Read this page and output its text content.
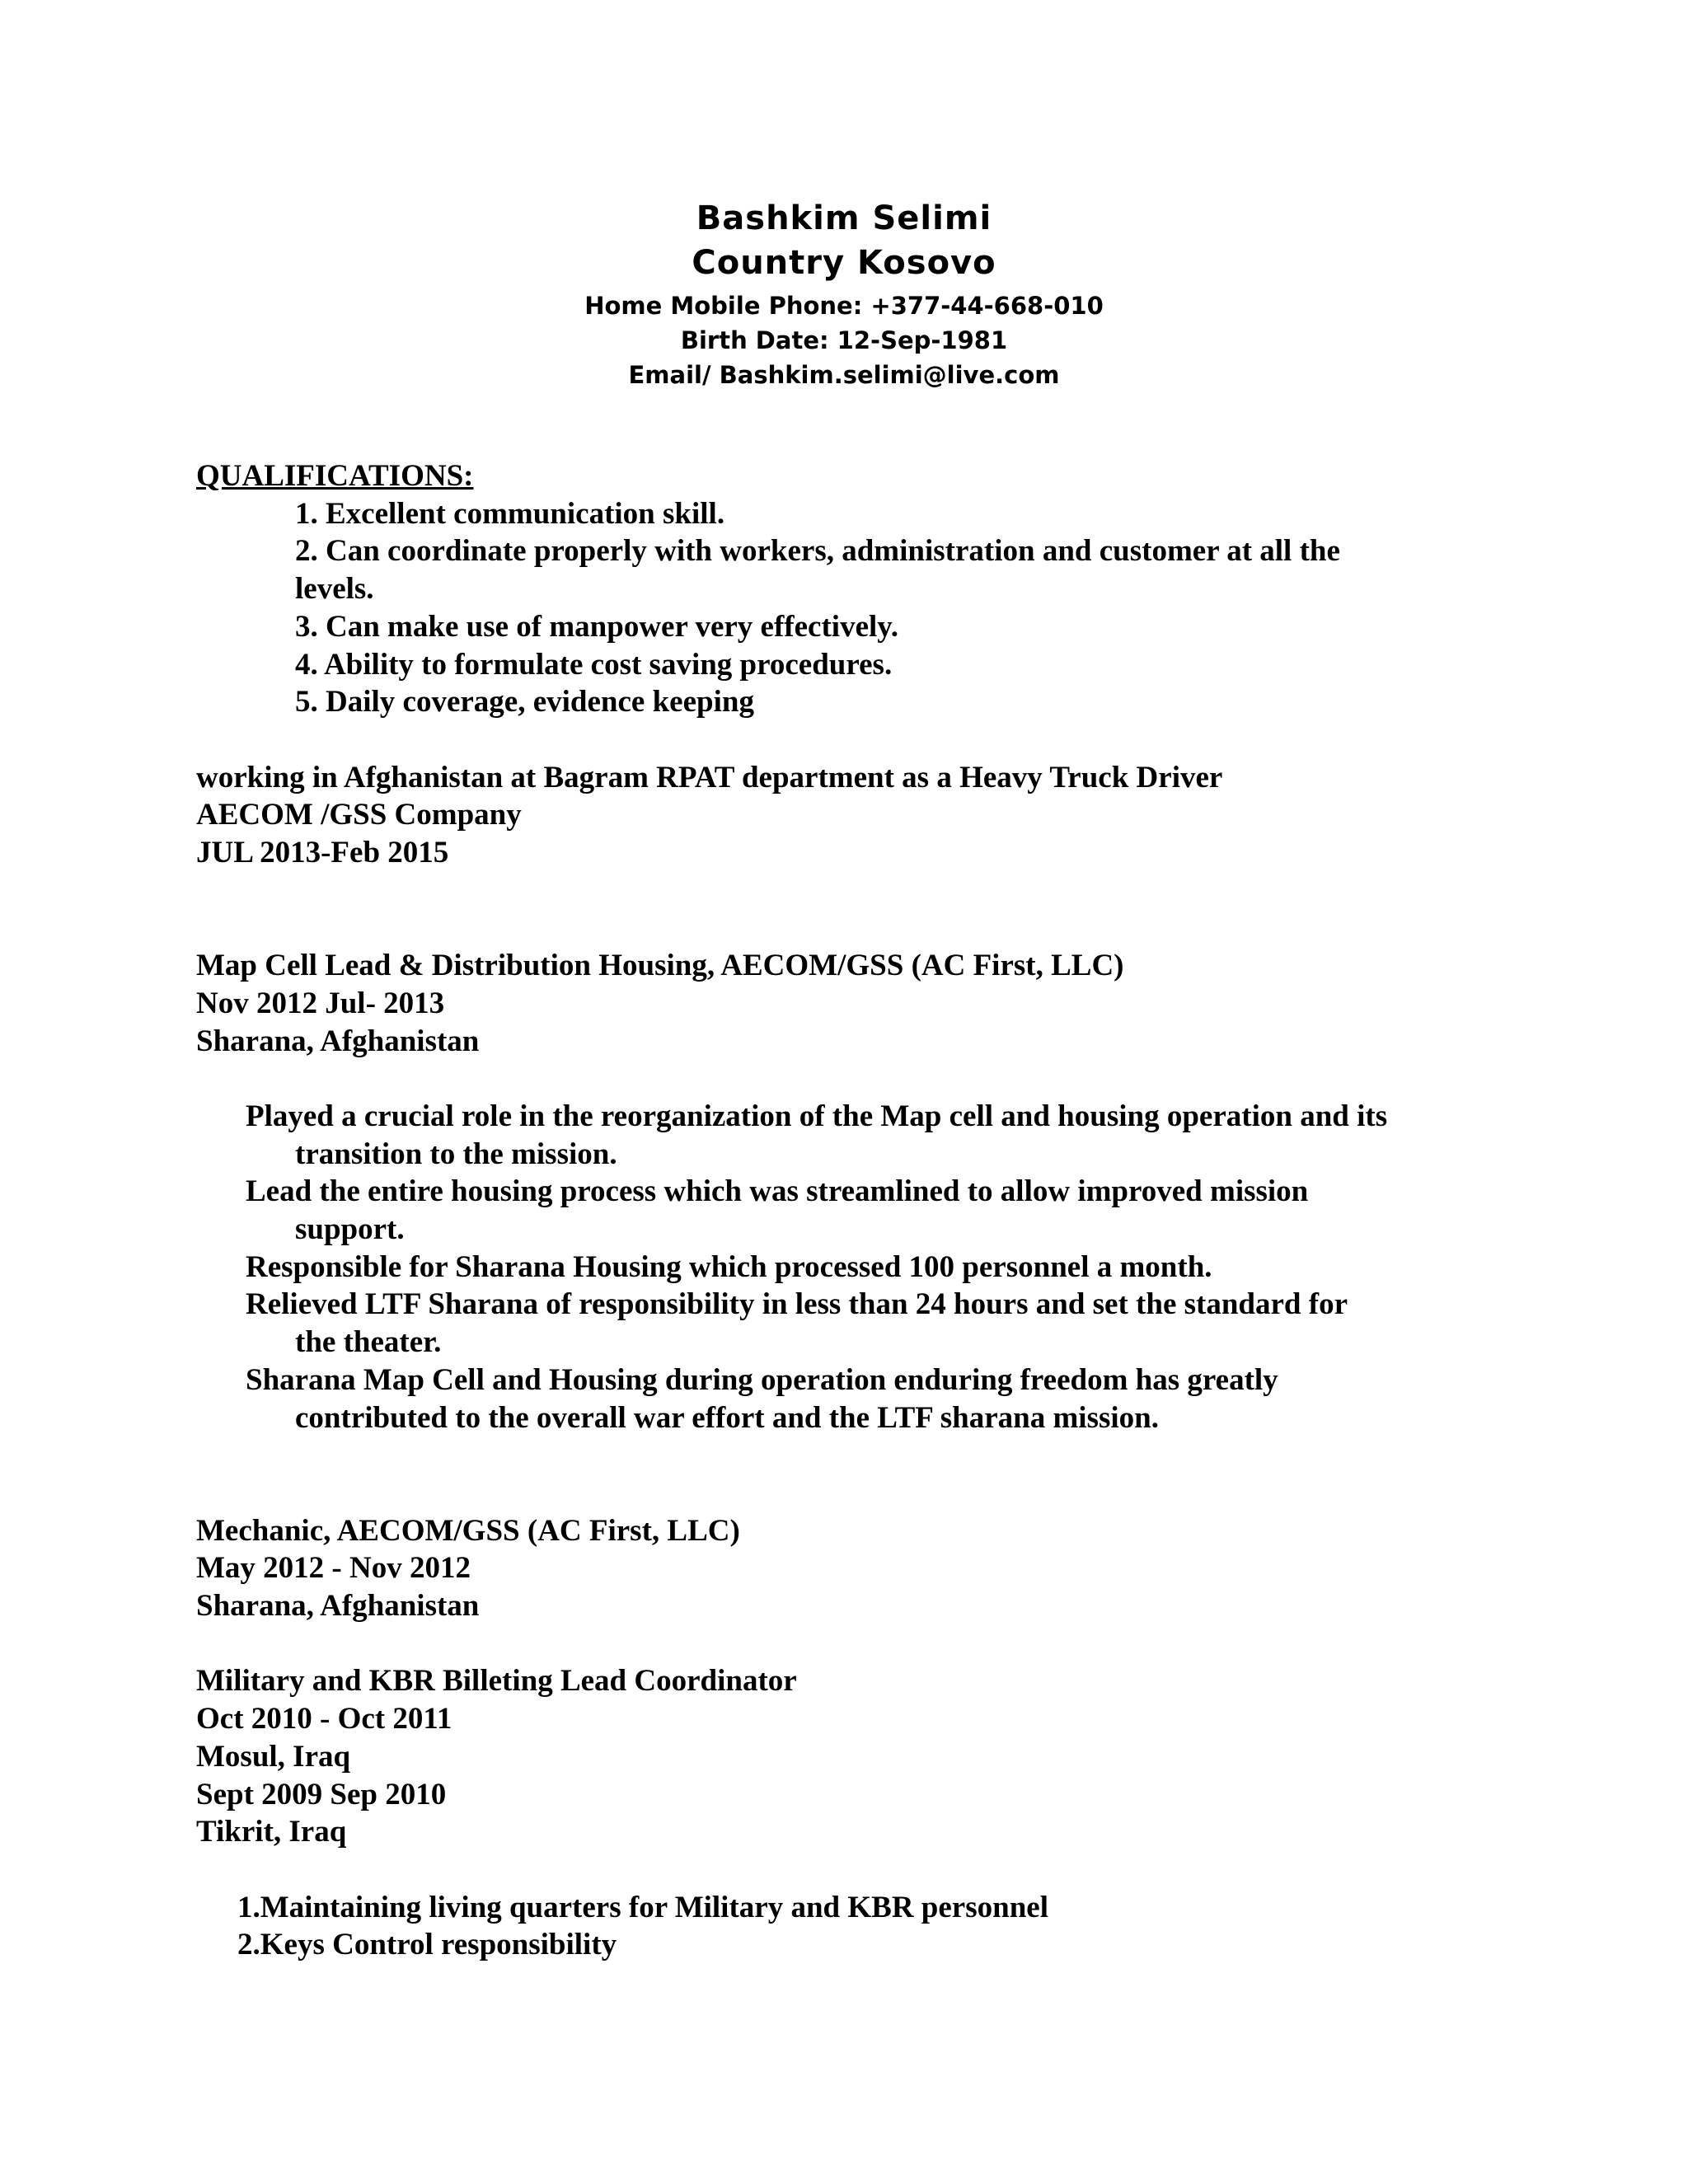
Bashkim Selimi
Country Kosovo
Home Mobile Phone: +377-44-668-010
Birth Date: 12-Sep-1981
Email/ Bashkim.selimi@live.com
QUALIFICATIONS:
1. Excellent communication skill.
2. Can coordinate properly with workers, administration and customer at all the
levels.
3. Can make use of manpower very effectively.
4. Ability to formulate cost saving procedures.
5. Daily coverage, evidence keeping
working in Afghanistan at Bagram RPAT department as a Heavy Truck Driver
AECOM /GSS Company
JUL 2013-Feb 2015
Map Cell Lead & Distribution Housing, AECOM/GSS (AC First, LLC)
Nov 2012 Jul- 2013
Sharana, Afghanistan
Played a crucial role in the reorganization of the Map cell and housing operation and its
transition to the mission.
Lead the entire housing process which was streamlined to allow improved mission
support.
Responsible for Sharana Housing which processed 100 personnel a month.
Relieved LTF Sharana of responsibility in less than 24 hours and set the standard for
the theater.
Sharana Map Cell and Housing during operation enduring freedom has greatly
contributed to the overall war effort and the LTF sharana mission.
Mechanic, AECOM/GSS (AC First, LLC)
May 2012 - Nov 2012
Sharana, Afghanistan
Military and KBR Billeting Lead Coordinator
Oct 2010 - Oct 2011
Mosul, Iraq
Sept 2009 Sep 2010
Tikrit, Iraq
1.Maintaining living quarters for Military and KBR personnel
2.Keys Control responsibility
